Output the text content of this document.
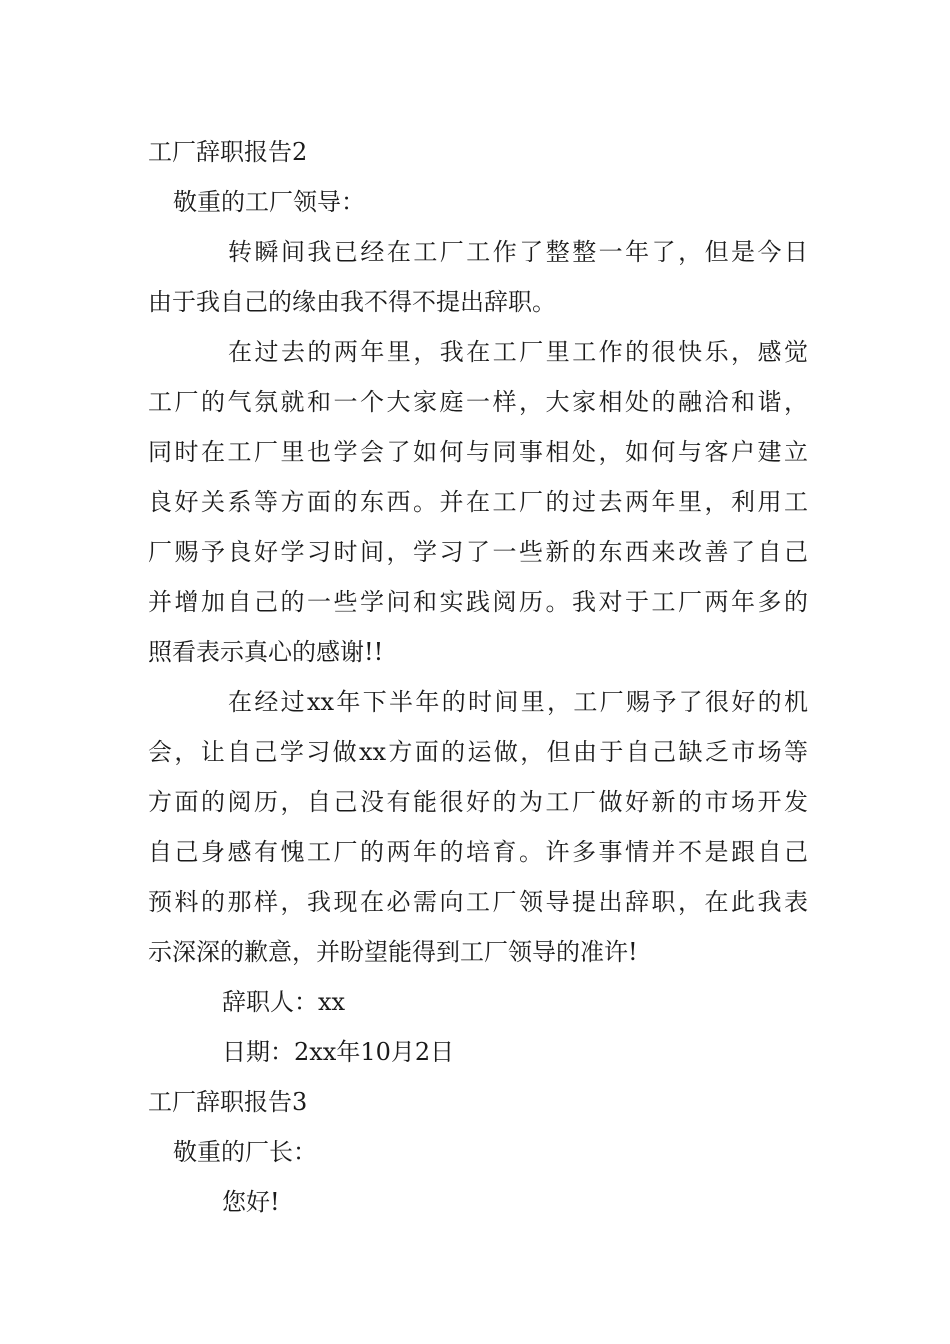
工厂辞职报告2

敬重的工厂领导：

转瞬间我已经在工厂工作了整整一年了，但是今日

由于我自己的缘由我不得不提出辞职。

在过去的两年里，我在工厂里工作的很快乐，感觉

工厂的气氛就和一个大家庭一样，大家相处的融洽和谐，

同时在工厂里也学会了如何与同事相处，如何与客户建立

良好关系等方面的东西。并在工厂的过去两年里，利用工

厂赐予良好学习时间，学习了一些新的东西来改善了自己

并增加自己的一些学问和实践阅历。我对于工厂两年多的

照看表示真心的感谢!!

在经过xx年下半年的时间里，工厂赐予了很好的机

会，让自己学习做xx方面的运做，但由于自己缺乏市场等

方面的阅历，自己没有能很好的为工厂做好新的市场开发

自己身感有愧工厂的两年的培育。许多事情并不是跟自己

预料的那样，我现在必需向工厂领导提出辞职，在此我表

示深深的歉意，并盼望能得到工厂领导的准许!

辞职人：xx

日期：2xx年10月2日

工厂辞职报告3

敬重的厂长：

您好!
